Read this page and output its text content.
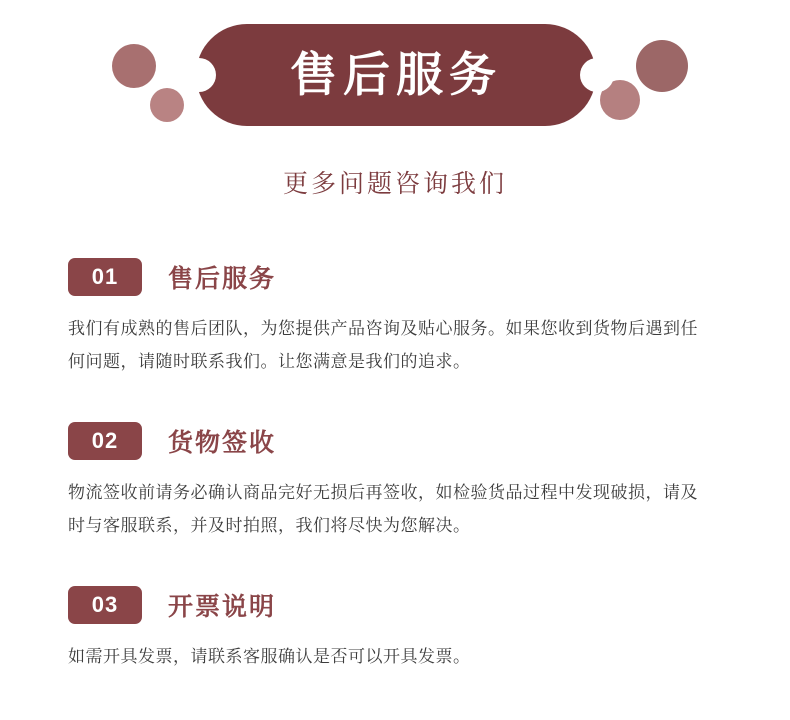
售后服务
更多问题咨询我们
01	售后服务

我们有成熟的售后团队，为您提供产品咨询及贴心服务。如果您收到货物后遇到任何问题，请随时联系我们。让您满意是我们的追求。

02	货物签收

物流签收前请务必确认商品完好无损后再签收，如检验货品过程中发现破损，请及时与客服联系，并及时拍照，我们将尽快为您解决。

03	开票说明

如需开具发票，请联系客服确认是否可以开具发票。
